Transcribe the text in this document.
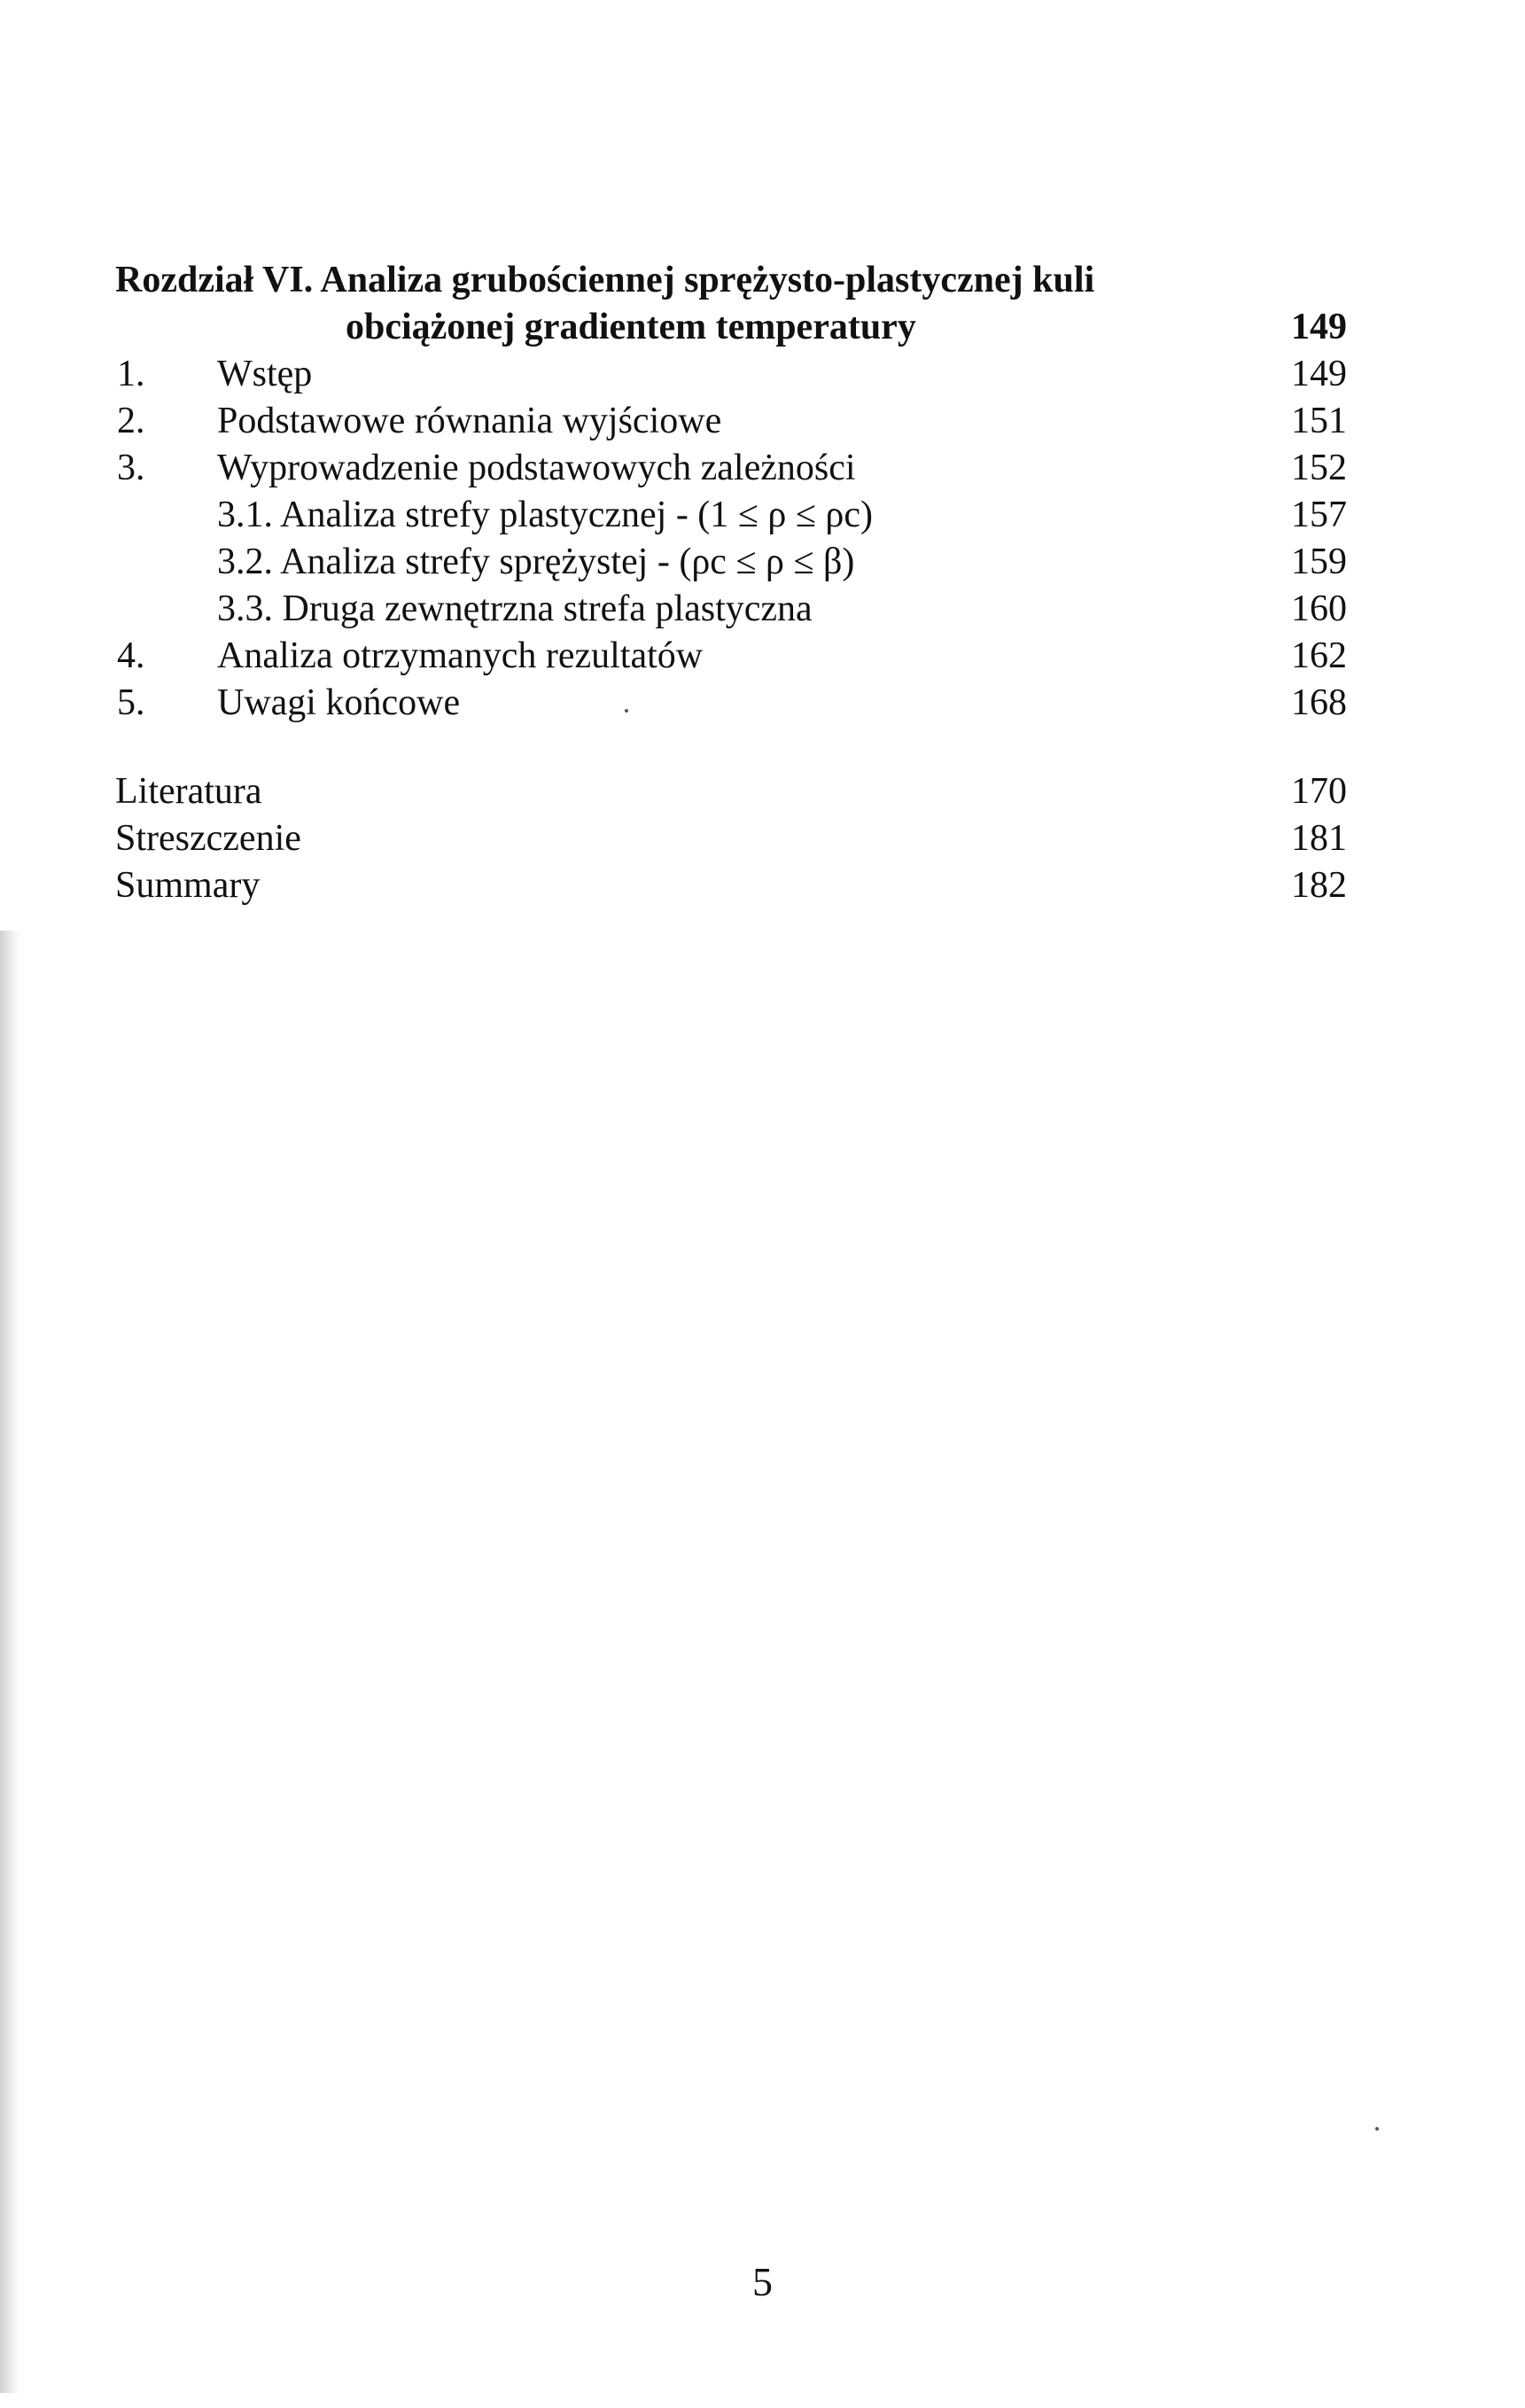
Rozdział VI. Analiza grubościennej sprężysto-plastycznej kuli
obciążonej gradientem temperatury	149
1. Wstęp	149
2. Podstawowe równania wyjściowe	151
3. Wyprowadzenie podstawowych zależności	152
3.1. Analiza strefy plastycznej - (1 ≤ ρ ≤ ρc)	157
3.2. Analiza strefy sprężystej - (ρc ≤ ρ ≤ β)	159
3.3. Druga zewnętrzna strefa plastyczna	160
4. Analiza otrzymanych rezultatów	162
5. Uwagi końcowe	168
Literatura	170
Streszczenie	181
Summary	182
5
